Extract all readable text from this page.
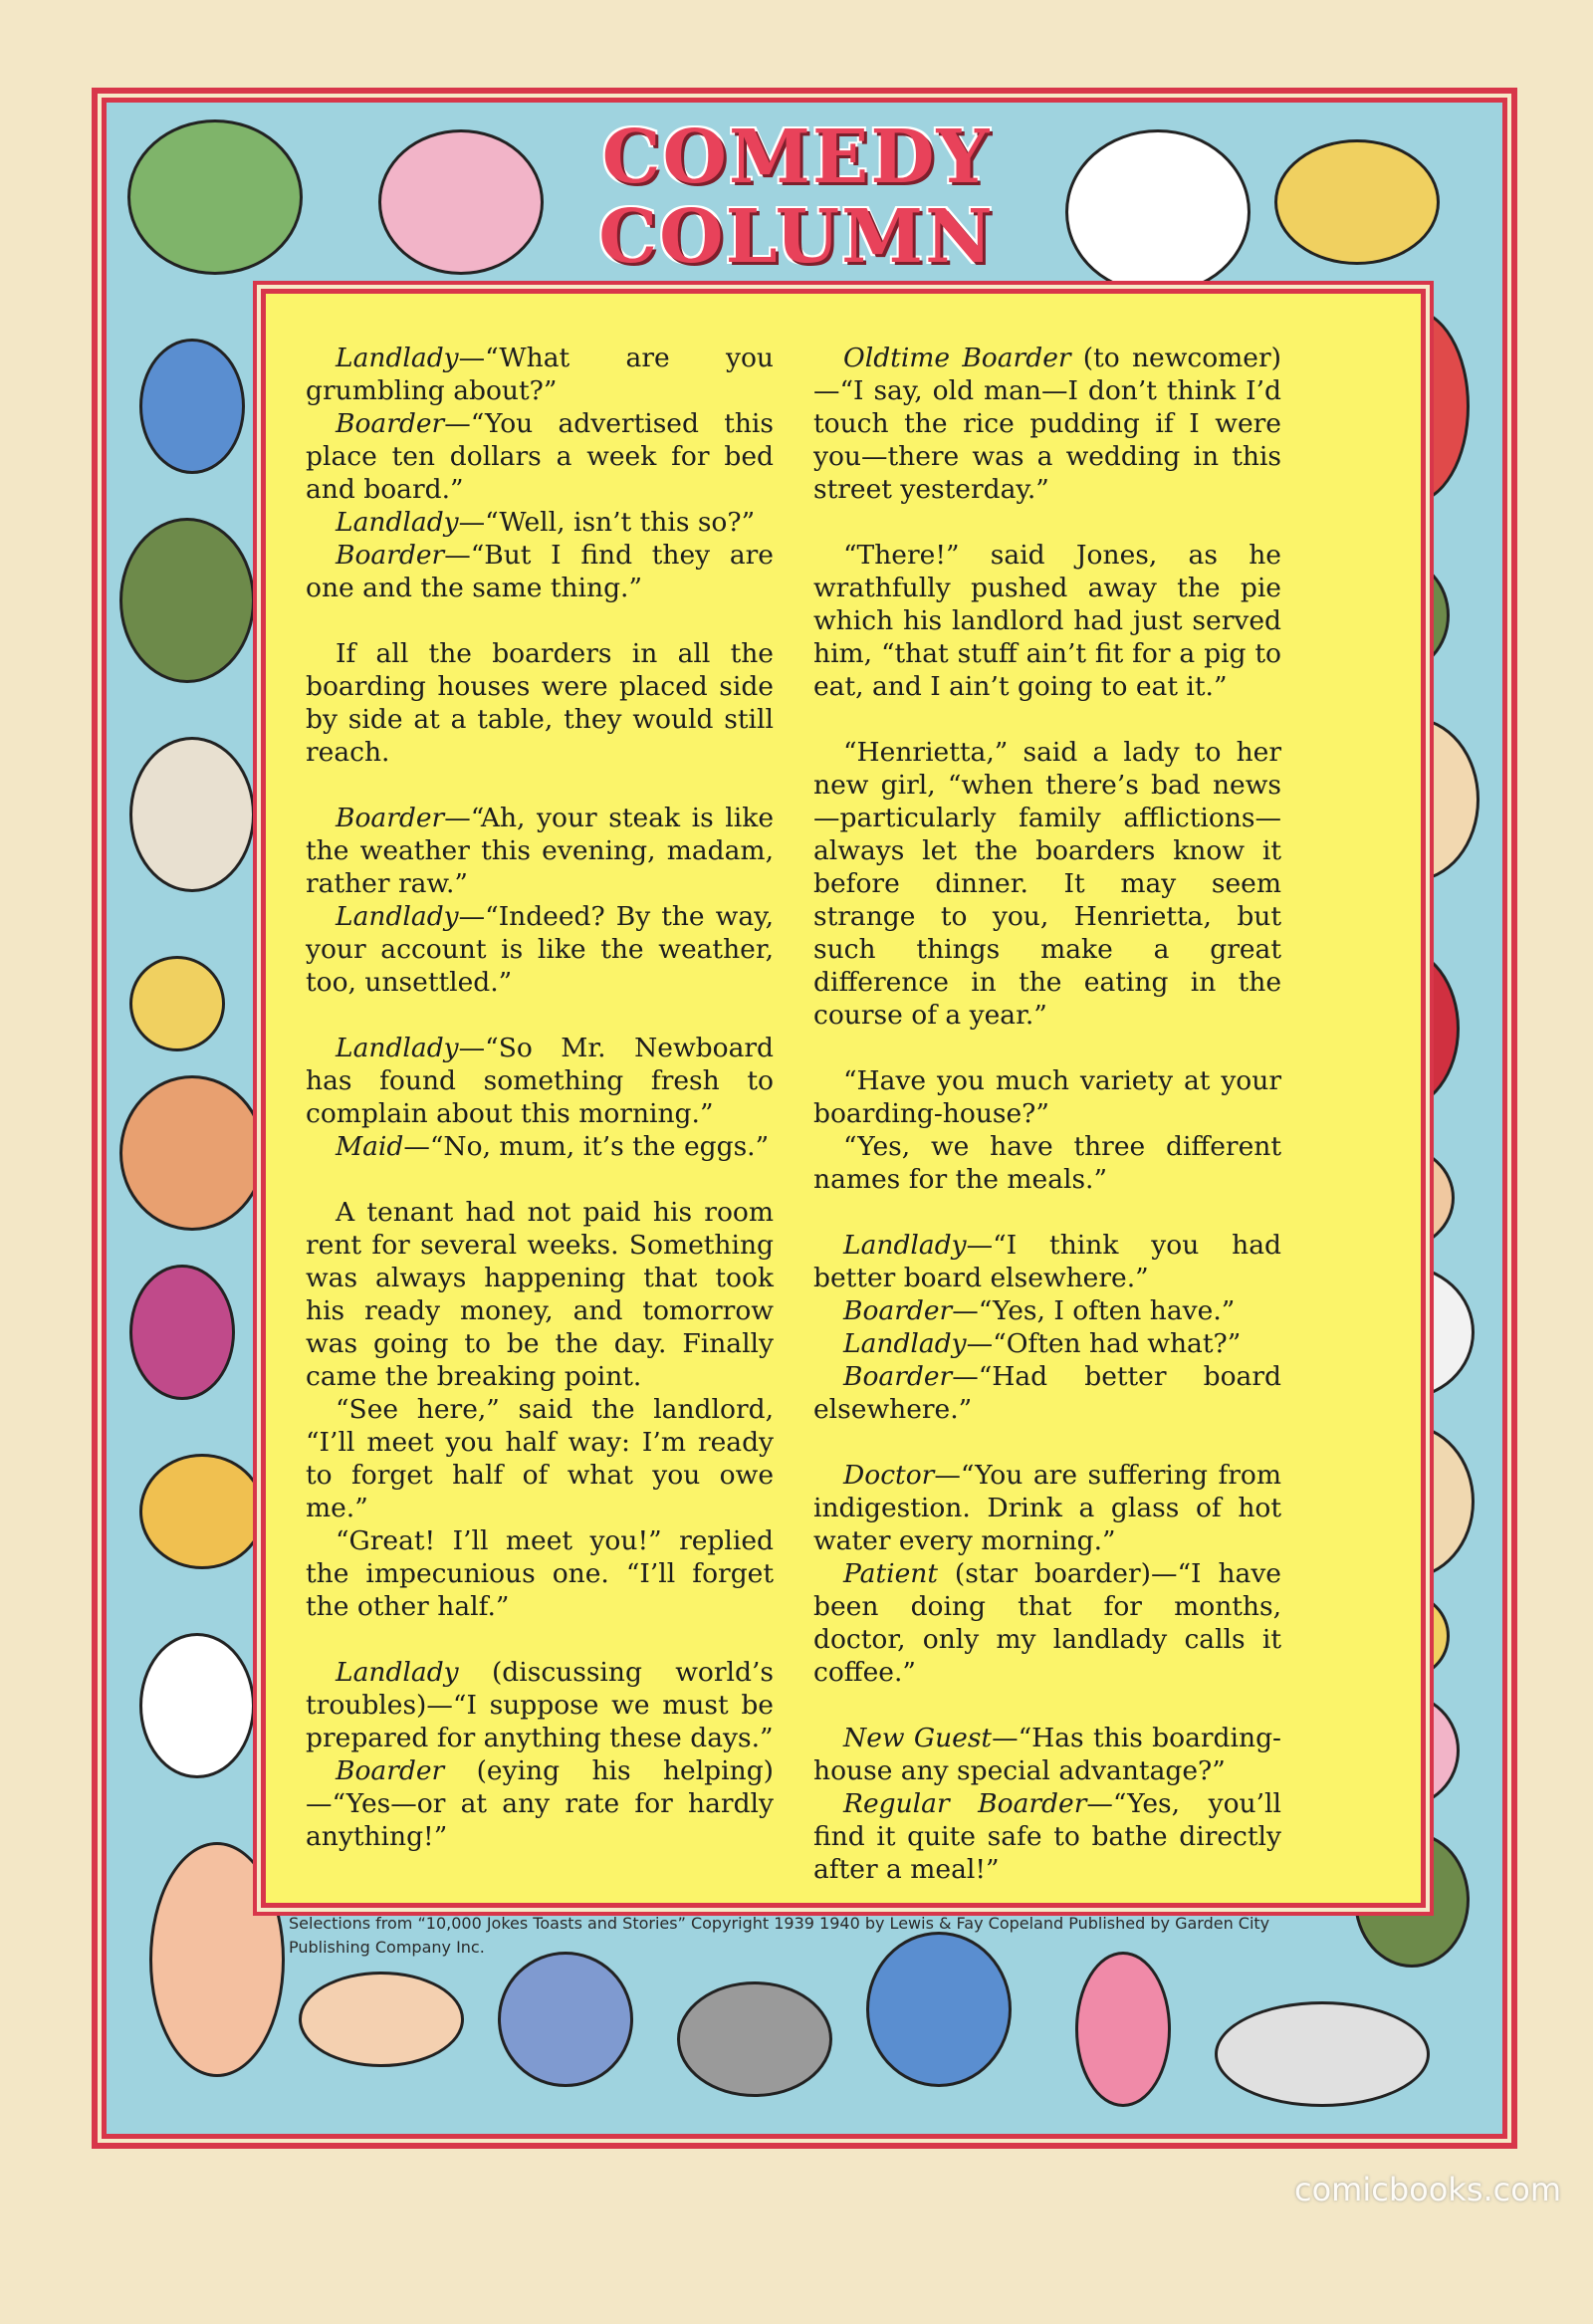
COMEDY
COLUMN

Landlady—“What are you grumbling about?”

Boarder—“You advertised this place ten dollars a week for bed and board.”

Landlady—“Well, isn’t this so?”

Boarder—“But I find they are one and the same thing.”

If all the boarders in all the boarding houses were placed side by side at a table, they would still reach.

Boarder—“Ah, your steak is like the weather this evening, madam, rather raw.”

Landlady—“Indeed? By the way, your account is like the weather, too, unsettled.”

Landlady—“So Mr. Newboard has found something fresh to complain about this morning.”

Maid—“No, mum, it’s the eggs.”

A tenant had not paid his room rent for several weeks. Something was always happening that took his ready money, and tomorrow was going to be the day. Finally came the breaking point.

“See here,” said the landlord, “I’ll meet you half way: I’m ready to forget half of what you owe me.”

“Great! I’ll meet you!” replied the impecunious one. “I’ll forget the other half.”

Landlady (discussing world’s troubles)—“I suppose we must be prepared for anything these days.”

Boarder (eying his helping)—“Yes—or at any rate for hardly anything!”

Oldtime Boarder (to newcomer)—“I say, old man—I don’t think I’d touch the rice pudding if I were you—there was a wedding in this street yesterday.”

“There!” said Jones, as he wrathfully pushed away the pie which his landlord had just served him, “that stuff ain’t fit for a pig to eat, and I ain’t going to eat it.”

“Henrietta,” said a lady to her new girl, “when there’s bad news—particularly family afflictions—always let the boarders know it before dinner. It may seem strange to you, Henrietta, but such things make a great difference in the eating in the course of a year.”

“Have you much variety at your boarding-house?”

“Yes, we have three different names for the meals.”

Landlady—“I think you had better board elsewhere.”

Boarder—“Yes, I often have.”

Landlady—“Often had what?”

Boarder—“Had better board elsewhere.”

Doctor—“You are suffering from indigestion. Drink a glass of hot water every morning.”

Patient (star boarder)—“I have been doing that for months, doctor, only my landlady calls it coffee.”

New Guest—“Has this boarding-house any special advantage?”

Regular Boarder—“Yes, you’ll find it quite safe to bathe directly after a meal!”

Selections from “10,000 Jokes Toasts and Stories” Copyright 1939 1940 by Lewis & Fay Copeland Published by Garden City Publishing Company Inc.
comicbooks.com
